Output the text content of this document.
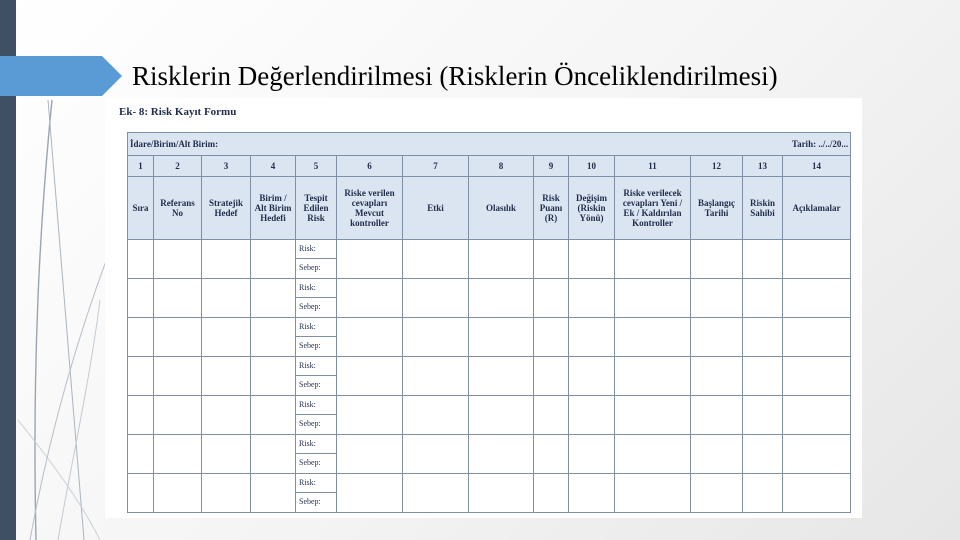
Risklerin Değerlendirilmesi (Risklerin Önceliklendirilmesi)
Ek- 8: Risk Kayıt Formu
İdare/Birim/Alt Birim: Tarih: ../../20...													

1	2	3	4	5	6	7	8	9	10	11	12	13	14
Sıra	Referans No	Stratejik Hedef	Birim / Alt Birim Hedefi	Tespit Edilen Risk	Riske verilen cevapları Mevcut kontroller	Etki	Olasılık	Risk Puanı (R)	Değişim (Riskin Yönü)	Riske verilecek cevapları Yeni / Ek / Kaldırılan Kontroller	Başlangıç Tarihi	Riskin Sahibi	Açıklamalar

				Risk:
Sebep:									

				Risk:
Sebep:									

				Risk:
Sebep:									

				Risk:
Sebep:									

				Risk:
Sebep:									

				Risk:
Sebep:									

				Risk:
Sebep:									
